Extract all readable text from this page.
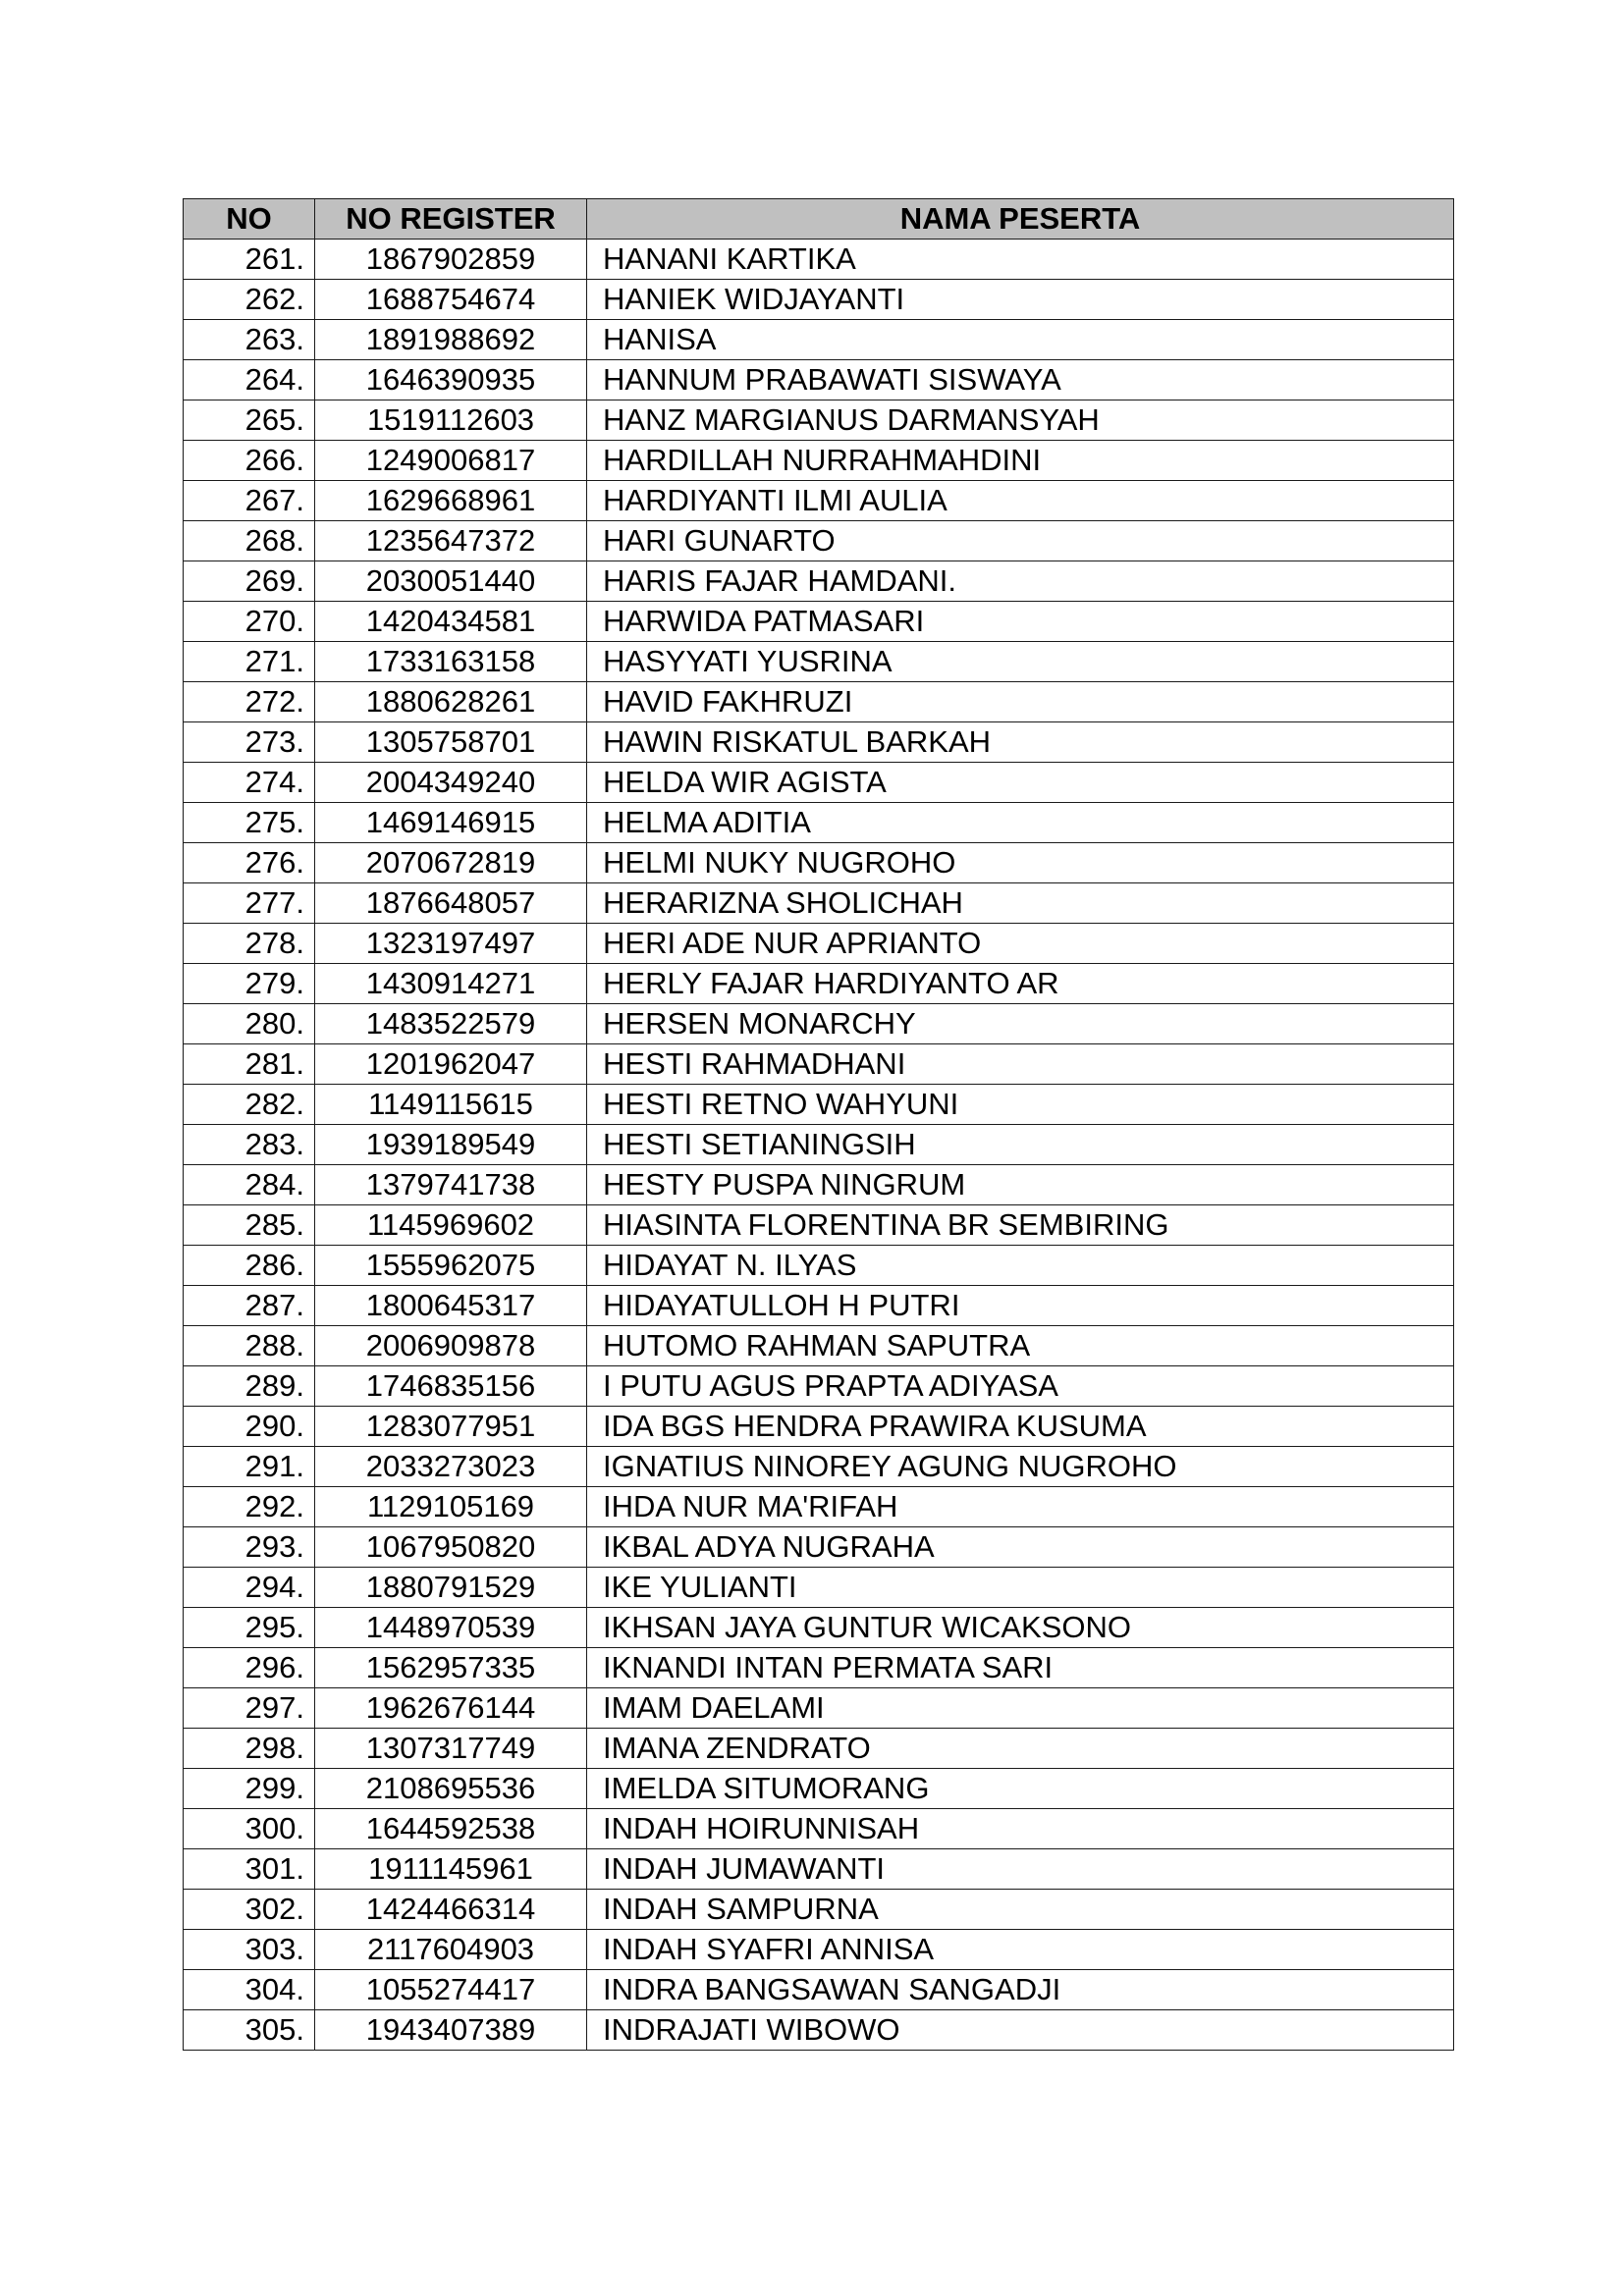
NO	NO REGISTER	NAMA PESERTA
261.	1867902859	HANANI KARTIKA
262.	1688754674	HANIEK WIDJAYANTI
263.	1891988692	HANISA
264.	1646390935	HANNUM PRABAWATI SISWAYA
265.	1519112603	HANZ MARGIANUS DARMANSYAH
266.	1249006817	HARDILLAH NURRAHMAHDINI
267.	1629668961	HARDIYANTI ILMI AULIA
268.	1235647372	HARI GUNARTO
269.	2030051440	HARIS FAJAR HAMDANI.
270.	1420434581	HARWIDA PATMASARI
271.	1733163158	HASYYATI YUSRINA
272.	1880628261	HAVID FAKHRUZI
273.	1305758701	HAWIN RISKATUL BARKAH
274.	2004349240	HELDA WIR AGISTA
275.	1469146915	HELMA ADITIA
276.	2070672819	HELMI NUKY NUGROHO
277.	1876648057	HERARIZNA SHOLICHAH
278.	1323197497	HERI ADE NUR APRIANTO
279.	1430914271	HERLY FAJAR HARDIYANTO AR
280.	1483522579	HERSEN MONARCHY
281.	1201962047	HESTI RAHMADHANI
282.	1149115615	HESTI RETNO WAHYUNI
283.	1939189549	HESTI SETIANINGSIH
284.	1379741738	HESTY PUSPA NINGRUM
285.	1145969602	HIASINTA FLORENTINA BR SEMBIRING
286.	1555962075	HIDAYAT N. ILYAS
287.	1800645317	HIDAYATULLOH H PUTRI
288.	2006909878	HUTOMO RAHMAN SAPUTRA
289.	1746835156	I PUTU AGUS PRAPTA ADIYASA
290.	1283077951	IDA BGS HENDRA PRAWIRA KUSUMA
291.	2033273023	IGNATIUS NINOREY AGUNG NUGROHO
292.	1129105169	IHDA NUR MA'RIFAH
293.	1067950820	IKBAL ADYA NUGRAHA
294.	1880791529	IKE YULIANTI
295.	1448970539	IKHSAN JAYA GUNTUR WICAKSONO
296.	1562957335	IKNANDI INTAN PERMATA SARI
297.	1962676144	IMAM DAELAMI
298.	1307317749	IMANA ZENDRATO
299.	2108695536	IMELDA SITUMORANG
300.	1644592538	INDAH HOIRUNNISAH
301.	1911145961	INDAH JUMAWANTI
302.	1424466314	INDAH SAMPURNA
303.	2117604903	INDAH SYAFRI ANNISA
304.	1055274417	INDRA BANGSAWAN SANGADJI
305.	1943407389	INDRAJATI WIBOWO
